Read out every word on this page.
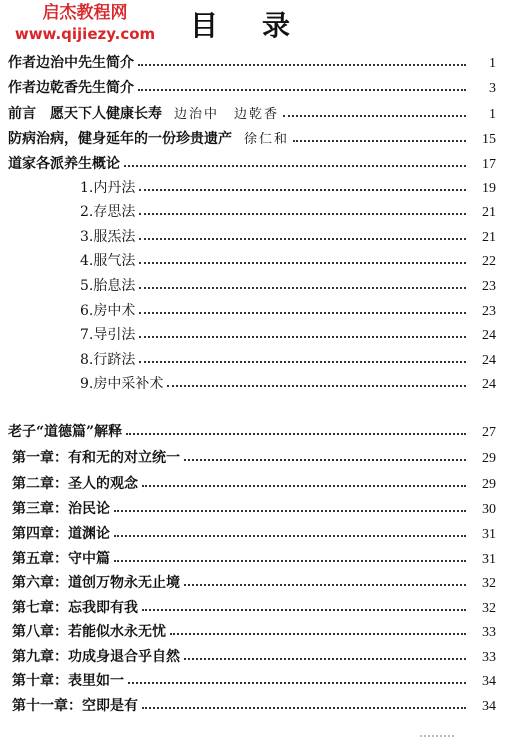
启杰教程网
www.qijiezy.com	目录
作者边治中先生简介	1
作者边乾香先生简介	3
前言　愿天下人健康长寿 边治中　边乾香	1
防病治病，健身延年的一份珍贵遗产 徐仁和	15
道家各派养生概论	17
1.内丹法	19
2.存思法	21
3.服炁法	21
4.服气法	22
5.胎息法	23
6.房中术	23
7.导引法	24
8.行跻法	24
9.房中采补术	24
老子“道德篇”解释	27
第一章：有和无的对立统一	29
第二章：圣人的观念	29
第三章：治民论	30
第四章：道渊论	31
第五章：守中篇	31
第六章：道创万物永无止境	32
第七章：忘我即有我	32
第八章：若能似水永无忧	33
第九章：功成身退合乎自然	33
第十章：表里如一	34
第十一章：空即是有	34
